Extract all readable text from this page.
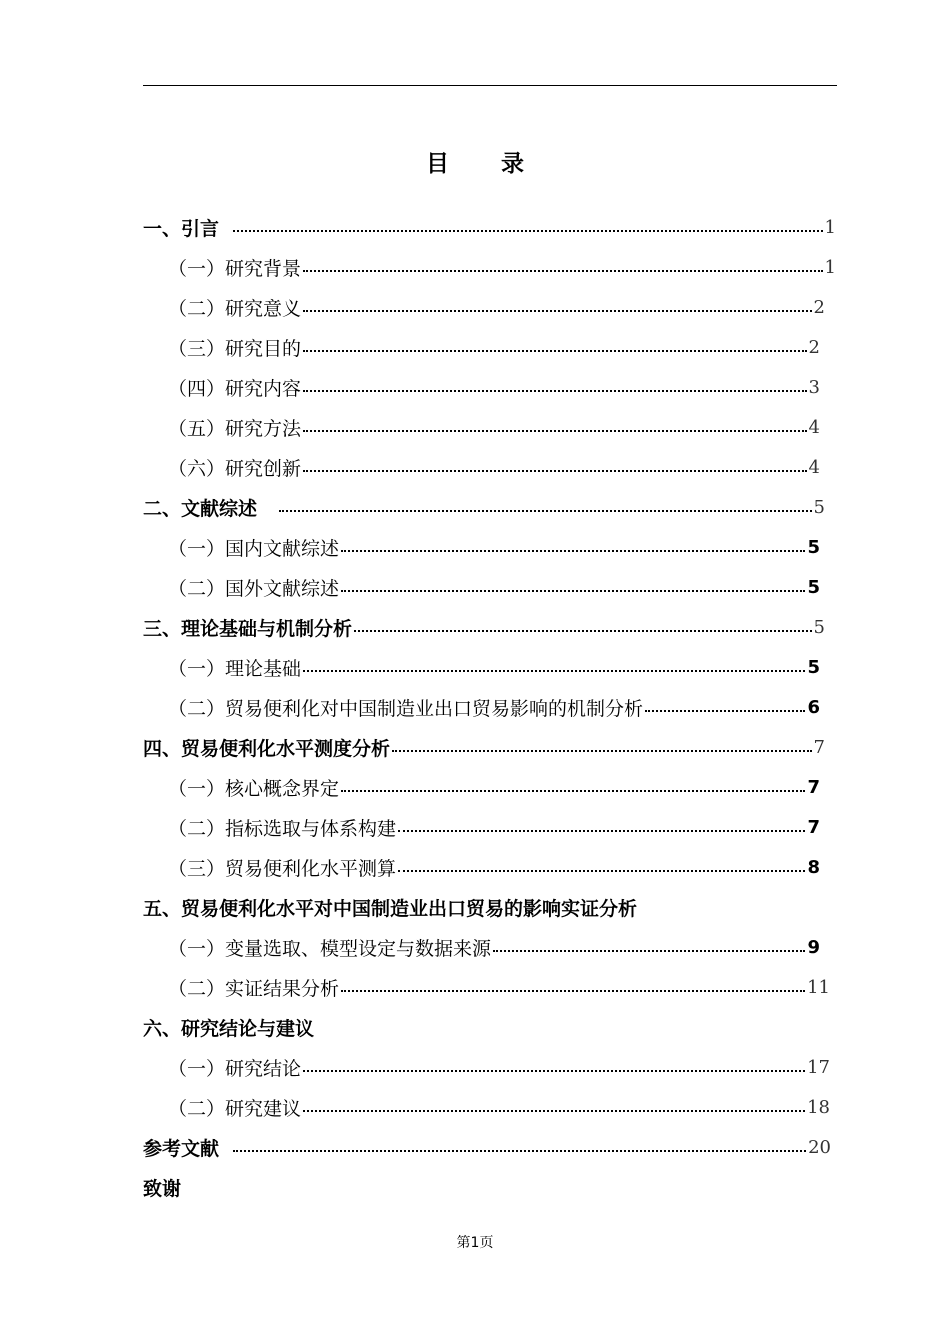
目 录
一、引言	1
（一）研究背景	1
（二）研究意义	2
（三）研究目的	2
（四）研究内容	3
（五）研究方法	4
（六）研究创新	4
二、文献综述	5
（一）国内文献综述	5
（二）国外文献综述	5
三、理论基础与机制分析	5
（一）理论基础	5
（二）贸易便利化对中国制造业出口贸易影响的机制分析	6
四、贸易便利化水平测度分析	7
（一）核心概念界定	7
（二）指标选取与体系构建	7
（三）贸易便利化水平测算	8
五、贸易便利化水平对中国制造业出口贸易的影响实证分析
（一）变量选取、模型设定与数据来源	9
（二）实证结果分析	11
六、研究结论与建议
（一）研究结论	17
（二）研究建议	18
参考文献	20
致谢
第1页
